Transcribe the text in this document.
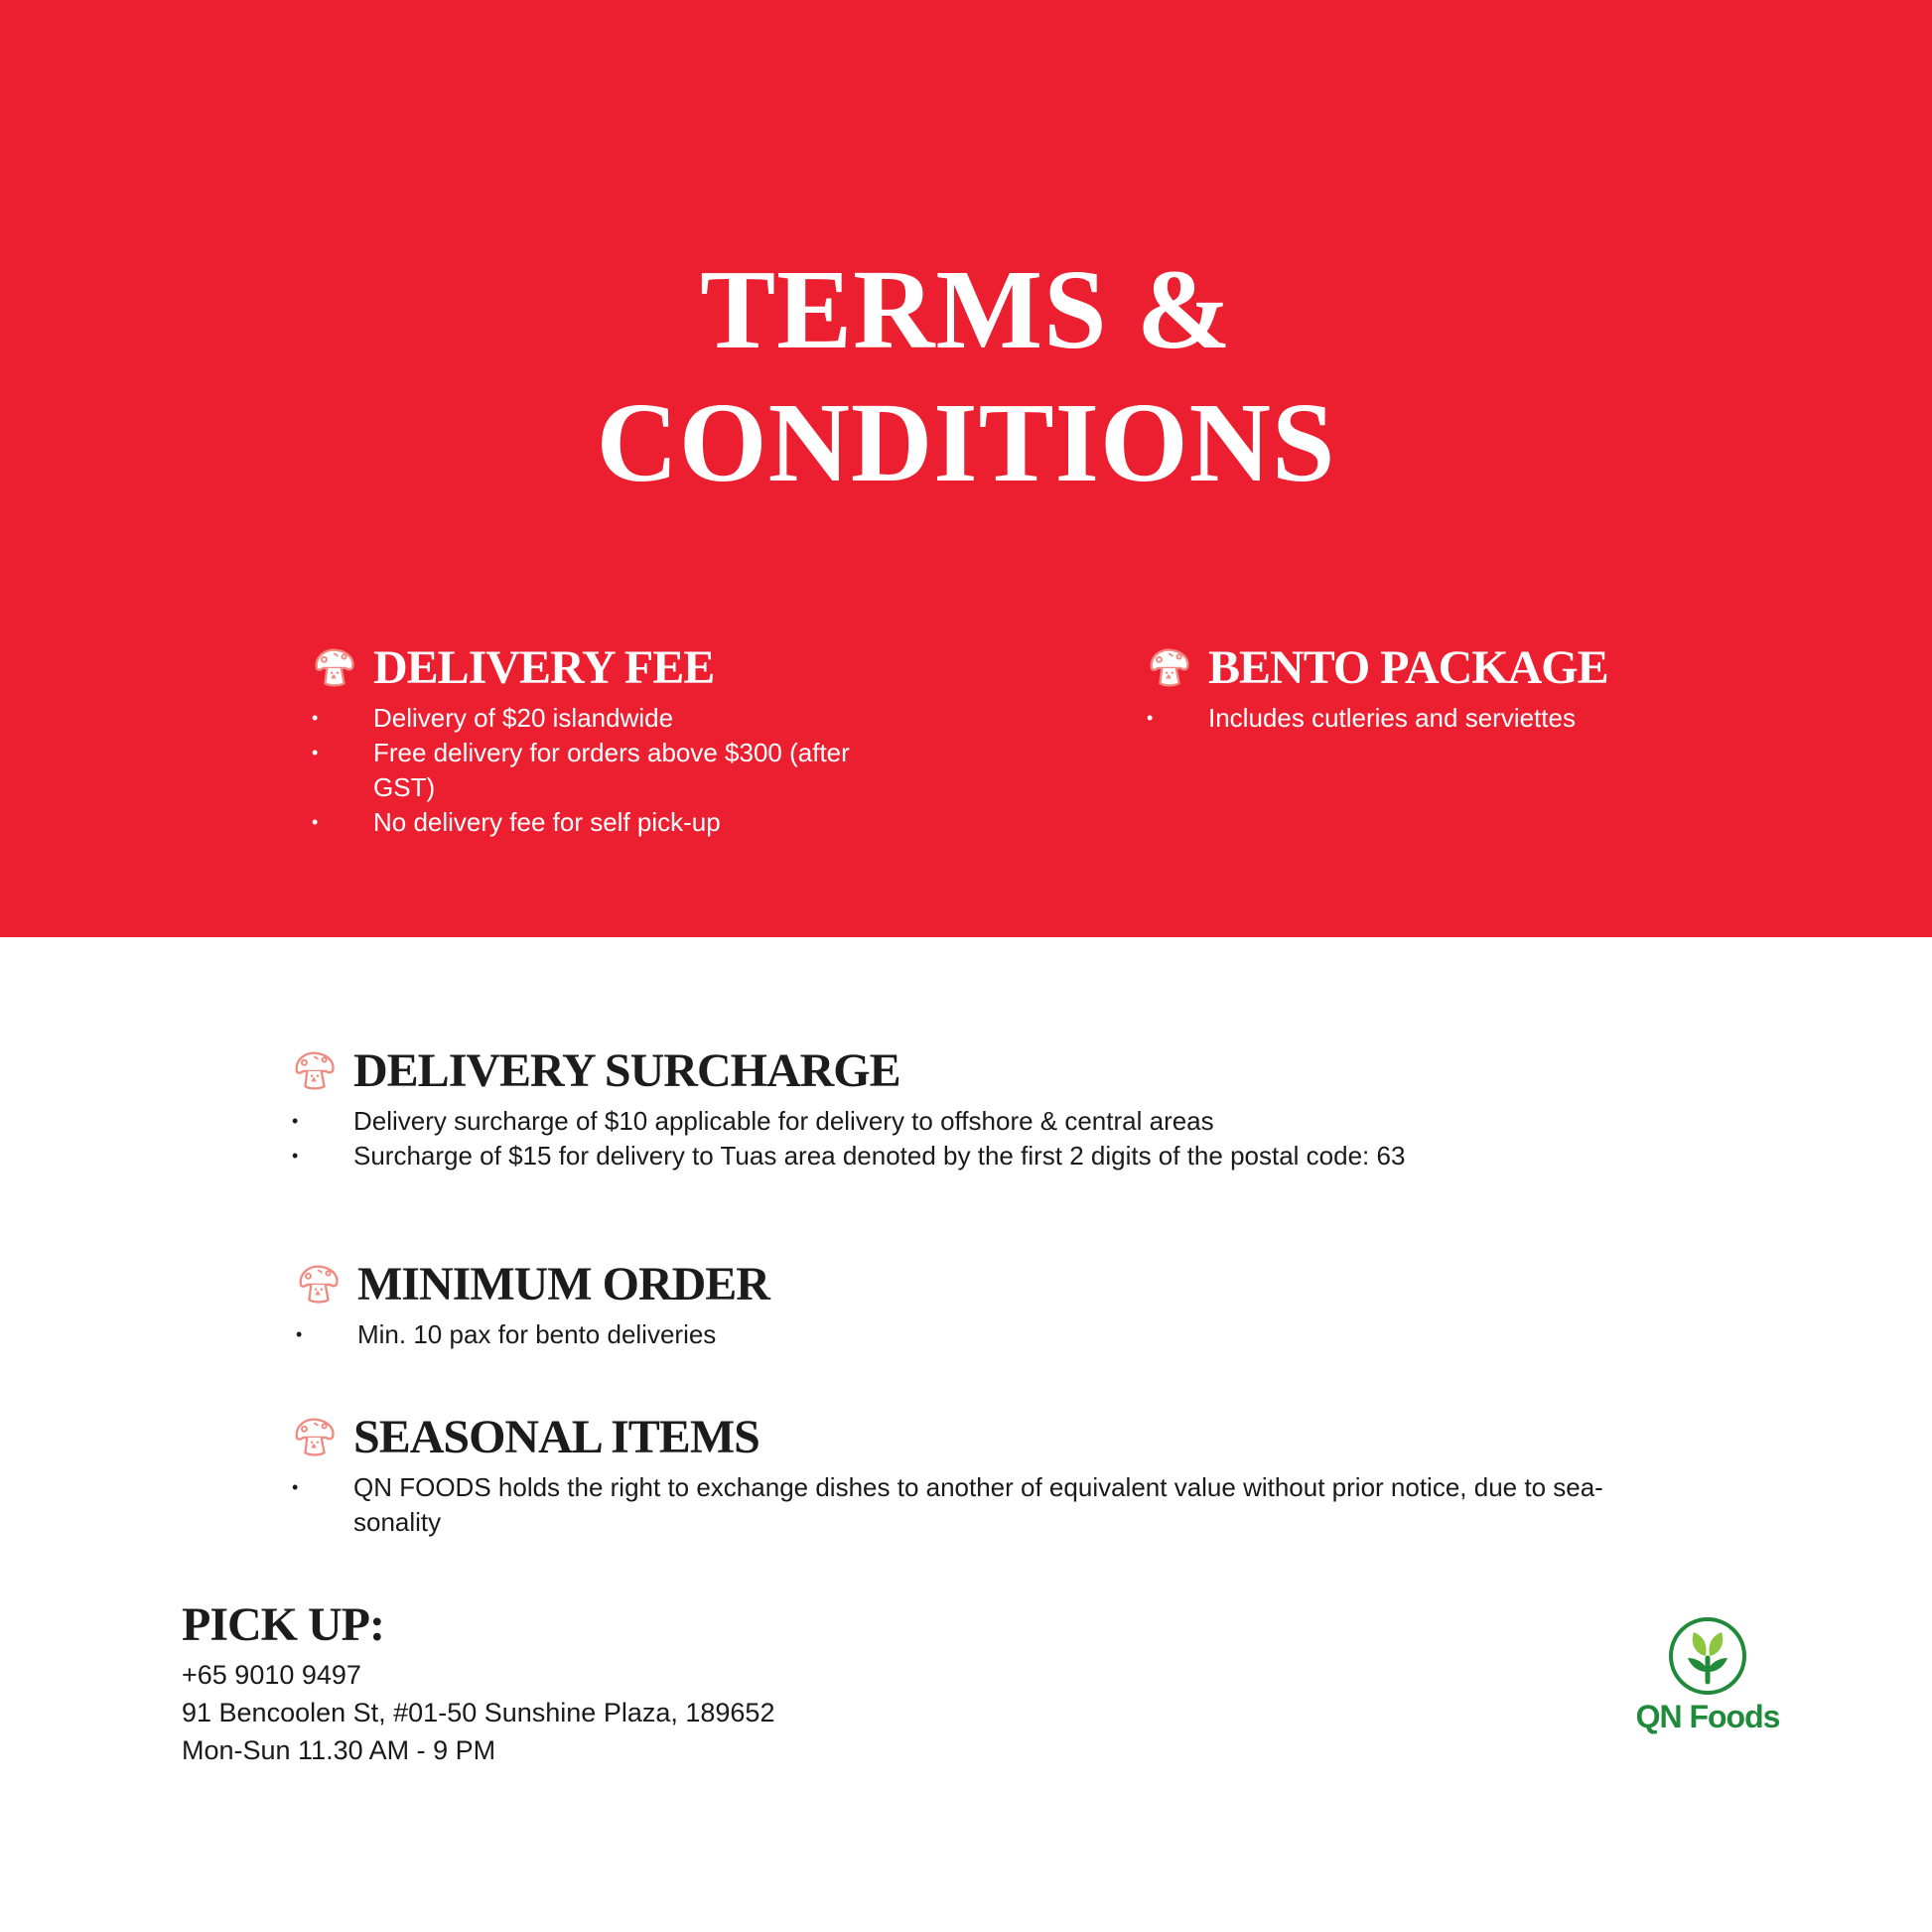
TERMS &
CONDITIONS
DELIVERY FEE
• Delivery of $20 islandwide
• Free delivery for orders above $300 (after GST)
• No delivery fee for self pick-up
BENTO PACKAGE
• Includes cutleries and serviettes
DELIVERY SURCHARGE
• Delivery surcharge of $10 applicable for delivery to offshore & central areas
• Surcharge of $15 for delivery to Tuas area denoted by the first 2 digits of the postal code: 63
MINIMUM ORDER
• Min. 10 pax for bento deliveries
SEASONAL ITEMS
• QN FOODS holds the right to exchange dishes to another of equivalent value without prior notice, due to sea-sonality
PICK UP:
+65 9010 9497
91 Bencoolen St, #01-50 Sunshine Plaza, 189652
Mon-Sun 11.30 AM - 9 PM
QN Foods
